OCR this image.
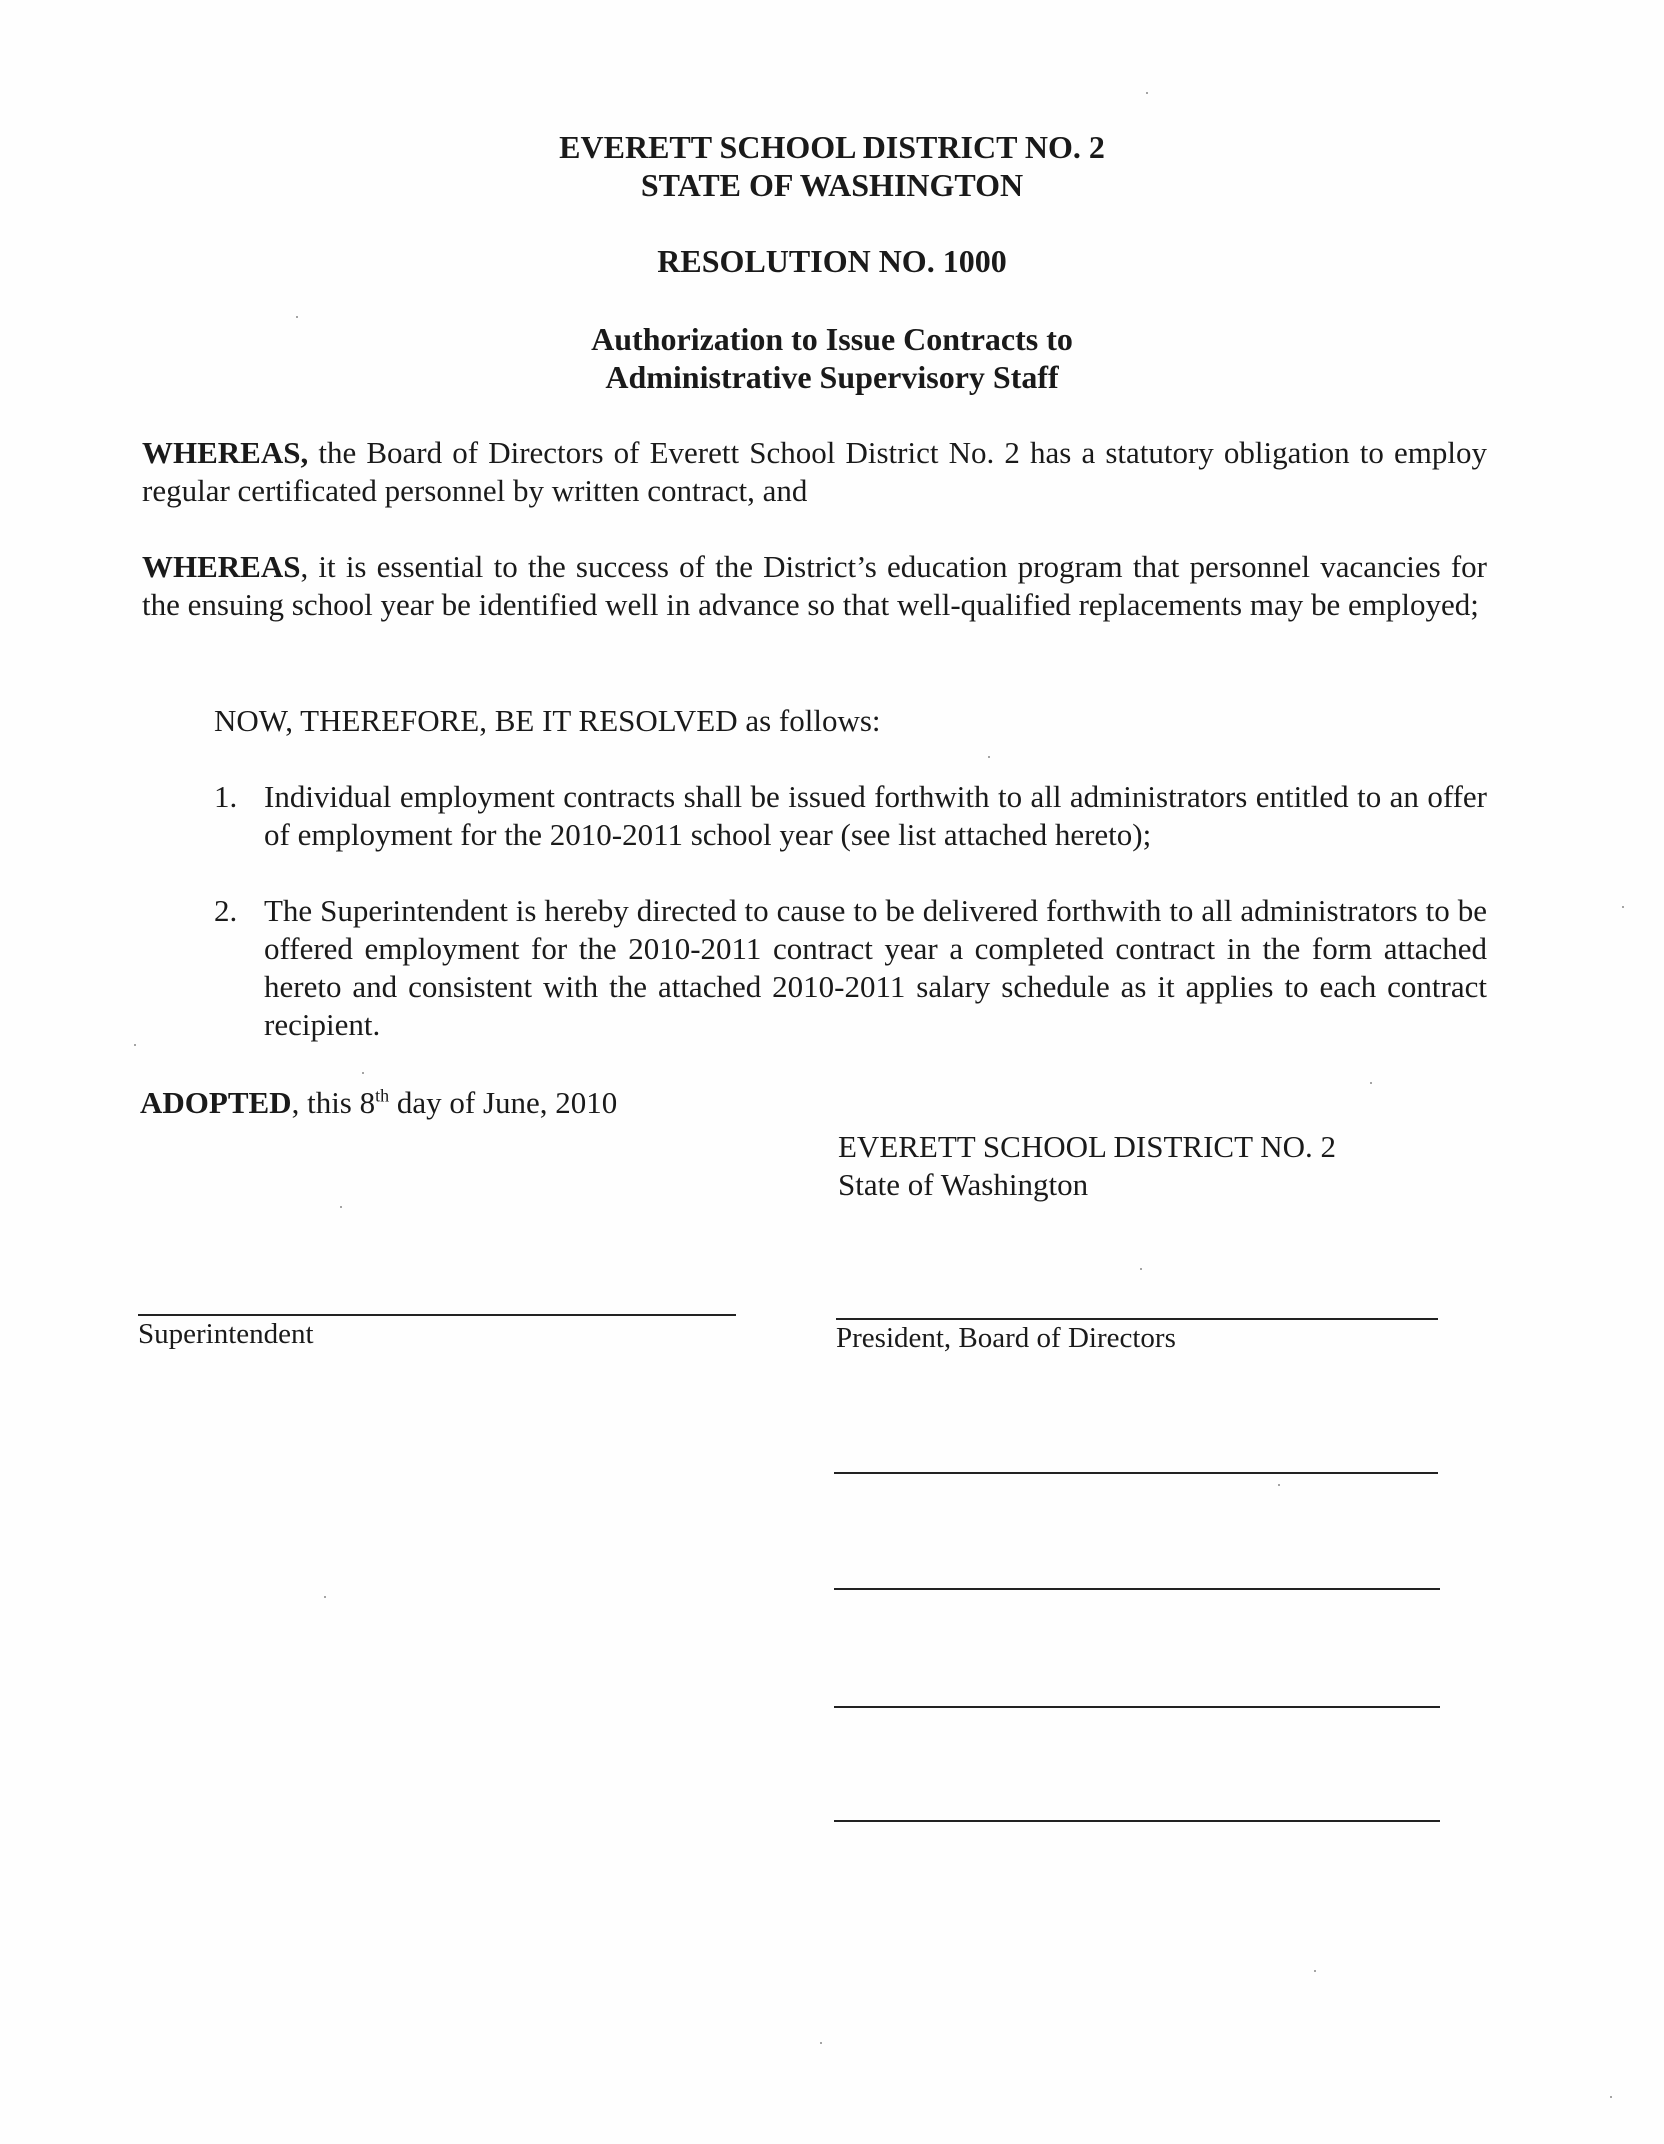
EVERETT SCHOOL DISTRICT NO. 2

STATE OF WASHINGTON

RESOLUTION NO. 1000

Authorization to Issue Contracts to

Administrative Supervisory Staff

WHEREAS, the Board of Directors of Everett School District No. 2 has a statutory obligation to employ regular certificated personnel by written contract, and

WHEREAS, it is essential to the success of the District’s education program that personnel vacancies for the ensuing school year be identified well in advance so that well-qualified replacements may be employed;

NOW, THEREFORE, BE IT RESOLVED as follows:

1. Individual employment contracts shall be issued forthwith to all administrators entitled to an offer of employment for the 2010-2011 school year (see list attached hereto);
2. The Superintendent is hereby directed to cause to be delivered forthwith to all administrators to be offered employment for the 2010-2011 contract year a completed contract in the form attached hereto and consistent with the attached 2010-2011 salary schedule as it applies to each contract recipient.

ADOPTED, this 8th day of June, 2010

EVERETT SCHOOL DISTRICT NO. 2

State of Washington

Superintendent	President, Board of Directors
